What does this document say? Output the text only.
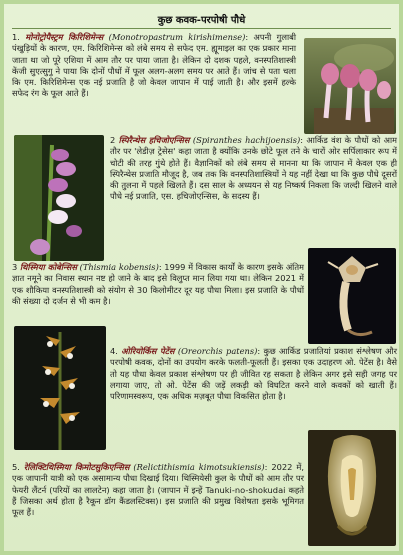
कुछ कवक-परपोषी पौधे
1. मोनोट्रोपैस्ट्रम किरिशिमेन्स (Monotropastrum kirishimense): अपनी गुलाबी पंखुड़ियों के कारण, एम. किरिशिमेन्स को लंबे समय से सफेद एम. ह्यूमाइल का एक प्रकार माना जाता था जो पूरे एशिया में आम तौर पर पाया जाता है। लेकिन दो दशक पहले, वनस्पतिशास्त्री केंजी सुएत्सुगु ने पाया कि दोनों पौधों में फूल अलग-अलग समय पर आते हैं। जांच से पता चला कि एम. किरिशिमेन्स एक नई प्रजाति है जो केवल जापान में पाई जाती है। और इसमें हल्के सफेद रंग के फूल आते हैं।
2 स्पिरैन्थेस हचिजोएन्सिस (Spiranthes hachijoensis): आर्किड वंश के पौधों को आम तौर पर 'लेडीज़ ट्रेसेस' कहा जाता है क्योंकि उनके छोटे फूल तने के चारों ओर सर्पिलाकार रूप में चोटी की तरह गुंथे होते हैं। वैज्ञानिकों को लंबे समय से मानना था कि जापान में केवल एक ही स्पिरैन्थेस प्रजाति मौजूद है, जब तक कि वनस्पतिशास्त्रियों ने यह नहीं देखा था कि कुछ पौधे दूसरों की तुलना में पहले खिलते हैं। दस साल के अध्ययन से यह निष्कर्ष निकला कि जल्दी खिलने वाले पौधे नई प्रजाति, एस. हचिजोएन्सिस, के सदस्य हैं।
3 थिस्मिया कोबेन्सिस (Thismia kobensis): 1999 में विकास कार्यों के कारण इसके अंतिम ज्ञात नमूने का निवास स्थान नष्ट हो जाने के बाद इसे विलुप्त मान लिया गया था। लेकिन 2021 में एक शौकिया वनस्पतिशास्त्री को संयोग से 30 किलोमीटर दूर यह पौधा मिला। इस प्रजाति के पौधों की संख्या दो दर्जन से भी कम है।
4. ओरियोर्किस पेटेंस (Oreorchis patens): कुछ आर्किड प्रजातियां प्रकाश संश्लेषण और परपोषी कवक, दोनों का उपयोग करके फलती-फूलती हैं। इसका एक उदाहरण ओ. पेटेंस है। वैसे तो यह पौधा केवल प्रकाश संश्लेषण पर ही जीवित रह सकता है लेकिन अगर इसे सही जगह पर लगाया जाए, तो ओ. पेटेंस की जड़ें लकड़ी को विघटित करने वाले कवकों को खाती हैं। परिणामस्वरूप, एक अधिक मज़बूत पौधा विकसित होता है।
5. रेलिक्टिथिस्मिया किमोटसुकिएन्सिस (Relictithismia kimotsukiensis): 2022 में, एक जापानी यात्री को एक असामान्य पौधा दिखाई दिया। थिस्मियेसी कुल के पौधों को आम तौर पर फेयरी लैंटर्न (परियों का लालटेन) कहा जाता है। (जापान में इन्हें Tanuki-no-shokudai कहते हैं जिसका अर्थ होता है रैकून डॉग कैंडलस्टिक्स)। इस प्रजाति की प्रमुख विशेषता इसके भूमिगत फूल हैं।
